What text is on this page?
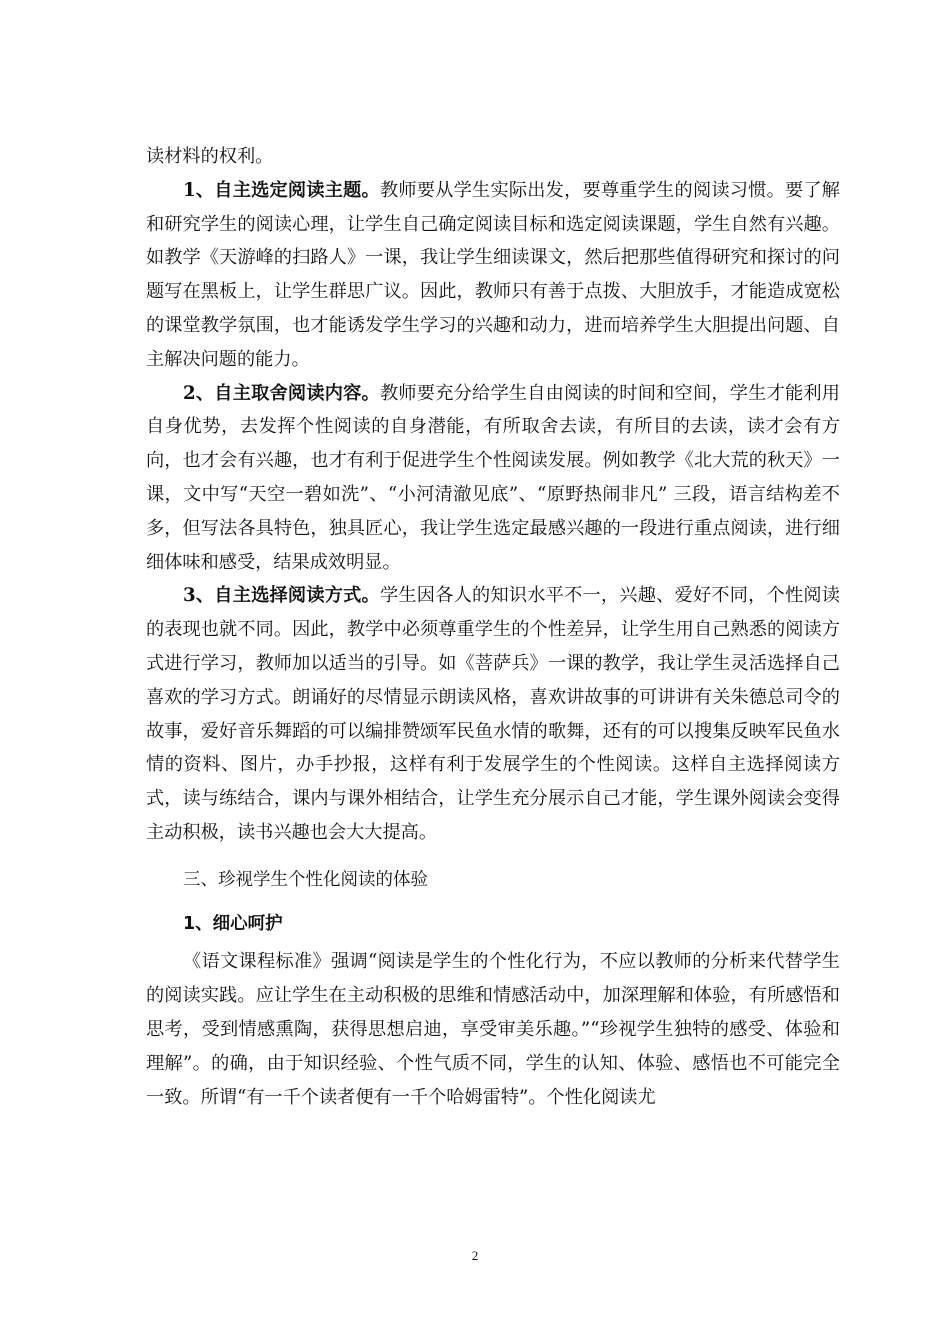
读材料的权利。

1、自主选定阅读主题。教师要从学生实际出发，要尊重学生的阅读习惯。要了解和研究学生的阅读心理，让学生自己确定阅读目标和选定阅读课题，学生自然有兴趣。如教学《天游峰的扫路人》一课，我让学生细读课文，然后把那些值得研究和探讨的问题写在黑板上，让学生群思广议。因此，教师只有善于点拨、大胆放手，才能造成宽松的课堂教学氛围，也才能诱发学生学习的兴趣和动力，进而培养学生大胆提出问题、自主解决问题的能力。

2、自主取舍阅读内容。教师要充分给学生自由阅读的时间和空间，学生才能利用自身优势，去发挥个性阅读的自身潜能，有所取舍去读，有所目的去读，读才会有方向，也才会有兴趣，也才有利于促进学生个性阅读发展。例如教学《北大荒的秋天》一课，文中写“天空一碧如洗”、“小河清澈见底”、“原野热闹非凡” 三段，语言结构差不多，但写法各具特色，独具匠心，我让学生选定最感兴趣的一段进行重点阅读，进行细细体味和感受，结果成效明显。

3、自主选择阅读方式。学生因各人的知识水平不一，兴趣、爱好不同，个性阅读的表现也就不同。因此，教学中必须尊重学生的个性差异，让学生用自己熟悉的阅读方式进行学习，教师加以适当的引导。如《菩萨兵》一课的教学，我让学生灵活选择自己喜欢的学习方式。朗诵好的尽情显示朗读风格，喜欢讲故事的可讲讲有关朱德总司令的故事，爱好音乐舞蹈的可以编排赞颂军民鱼水情的歌舞，还有的可以搜集反映军民鱼水情的资料、图片，办手抄报，这样有利于发展学生的个性阅读。这样自主选择阅读方式，读与练结合，课内与课外相结合，让学生充分展示自己才能，学生课外阅读会变得主动积极，读书兴趣也会大大提高。

三、珍视学生个性化阅读的体验

1、细心呵护

《语文课程标准》强调“阅读是学生的个性化行为，不应以教师的分析来代替学生的阅读实践。应让学生在主动积极的思维和情感活动中，加深理解和体验，有所感悟和思考，受到情感熏陶，获得思想启迪，享受审美乐趣。”“珍视学生独特的感受、体验和理解”。的确，由于知识经验、个性气质不同，学生的认知、体验、感悟也不可能完全一致。所谓“有一千个读者便有一千个哈姆雷特”。个性化阅读尤

2
